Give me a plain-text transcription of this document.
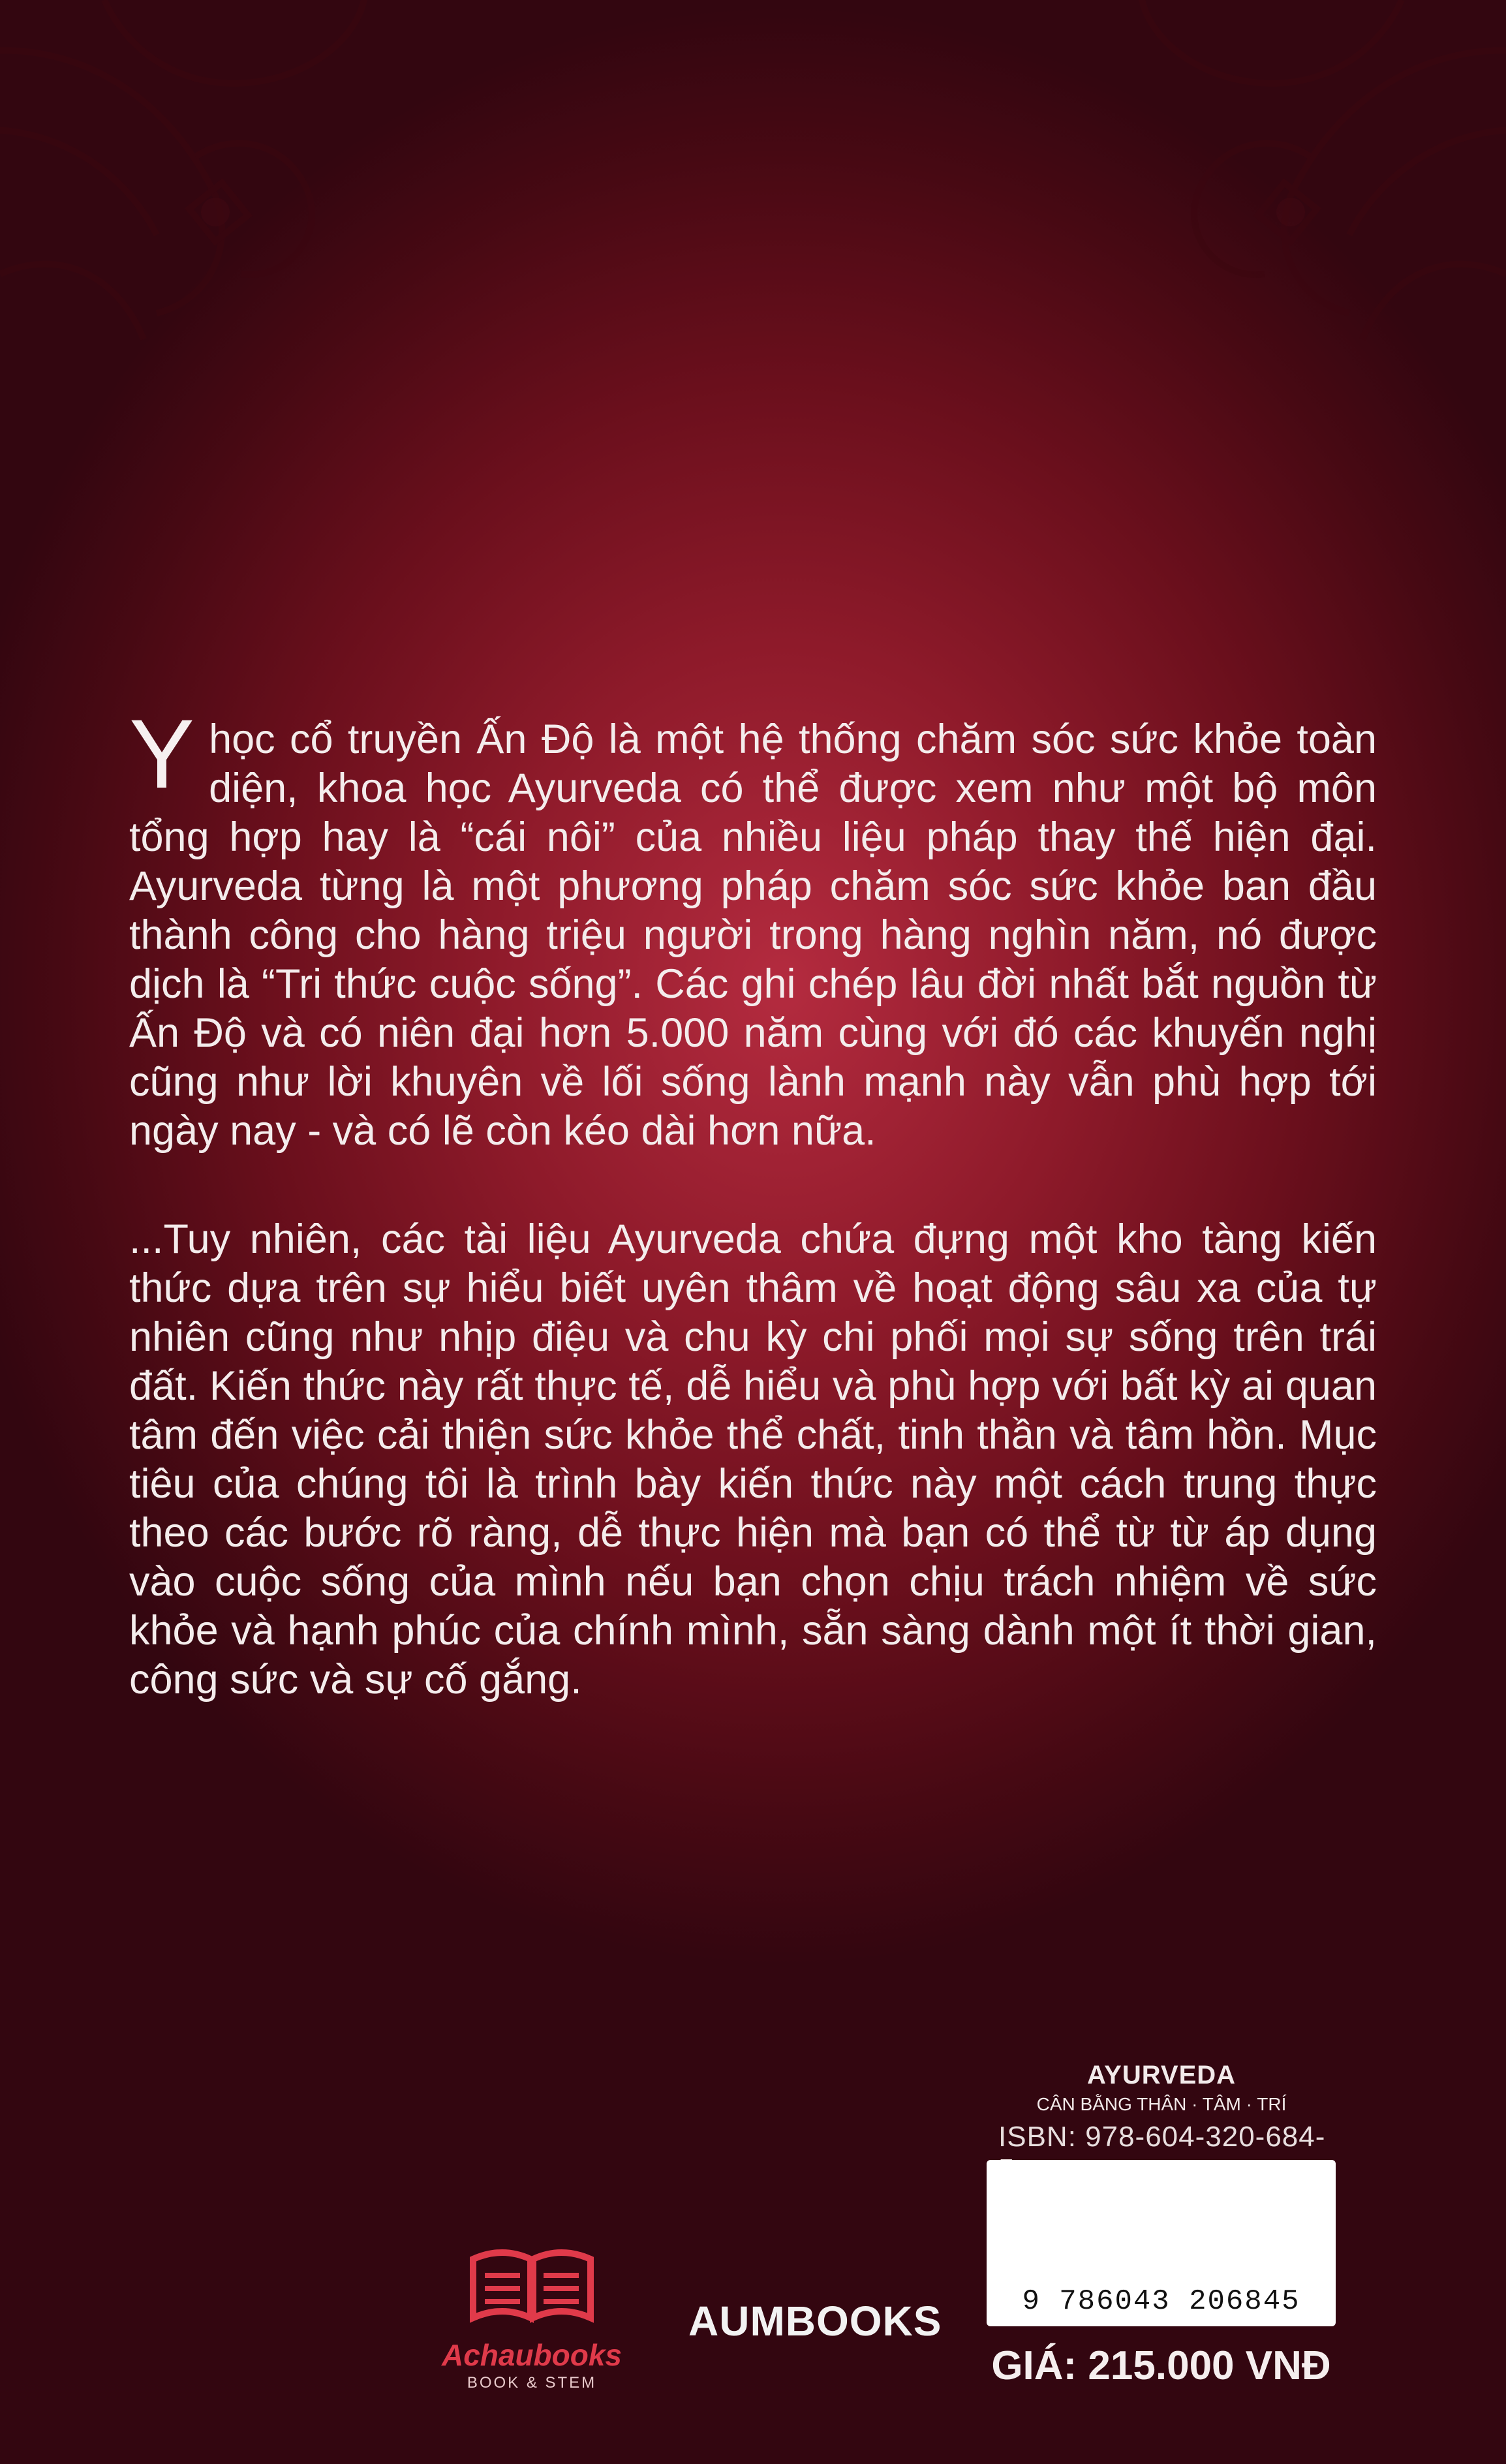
Y học cổ truyền Ấn Độ là một hệ thống chăm sóc sức khỏe toàn diện, khoa học Ayurveda có thể được xem như một bộ môn tổng hợp hay là “cái nôi” của nhiều liệu pháp thay thế hiện đại. Ayurveda từng là một phương pháp chăm sóc sức khỏe ban đầu thành công cho hàng triệu người trong hàng nghìn năm, nó được dịch là “Tri thức cuộc sống”. Các ghi chép lâu đời nhất bắt nguồn từ Ấn Độ và có niên đại hơn 5.000 năm cùng với đó các khuyến nghị cũng như lời khuyên về lối sống lành mạnh này vẫn phù hợp tới ngày nay - và có lẽ còn kéo dài hơn nữa.
...Tuy nhiên, các tài liệu Ayurveda chứa đựng một kho tàng kiến thức dựa trên sự hiểu biết uyên thâm về hoạt động sâu xa của tự nhiên cũng như nhịp điệu và chu kỳ chi phối mọi sự sống trên trái đất. Kiến thức này rất thực tế, dễ hiểu và phù hợp với bất kỳ ai quan tâm đến việc cải thiện sức khỏe thể chất, tinh thần và tâm hồn. Mục tiêu của chúng tôi là trình bày kiến thức này một cách trung thực theo các bước rõ ràng, dễ thực hiện mà bạn có thể từ từ áp dụng vào cuộc sống của mình nếu bạn chọn chịu trách nhiệm về sức khỏe và hạnh phúc của chính mình, sẵn sàng dành một ít thời gian, công sức và sự cố gắng.
AYURVEDA
CÂN BẰNG THÂN · TÂM · TRÍ
ISBN: 978-604-320-684-
9 786043 206845
GIÁ: 215.000 VNĐ
Achaubooks
BOOK & STEM
AUMBOOKS
